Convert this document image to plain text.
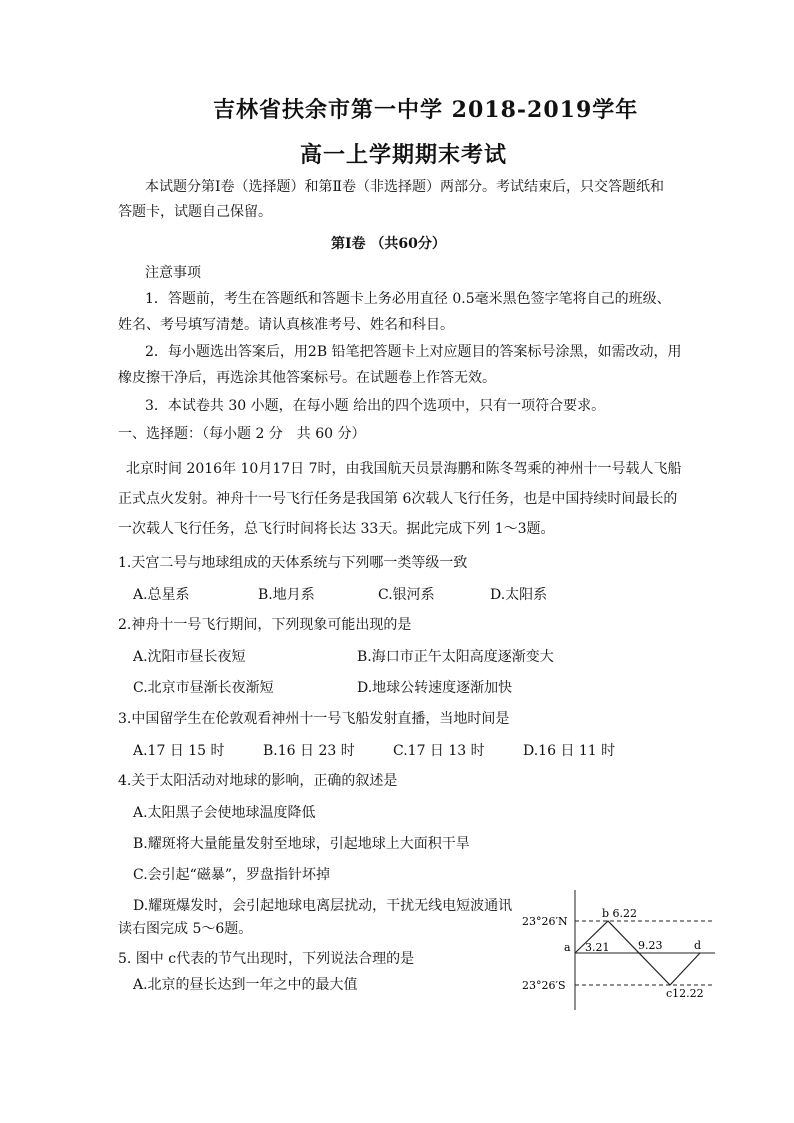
吉林省扶余市第一中学 2018-2019学年
高一上学期期末考试
本试题分第Ⅰ卷（选择题）和第Ⅱ卷（非选择题）两部分。考试结束后，只交答题纸和
答题卡，试题自己保留。
第Ⅰ卷 （共60分）
注意事项
1．答题前，考生在答题纸和答题卡上务必用直径 0.5毫米黑色签字笔将自己的班级、
姓名、考号填写清楚。请认真核准考号、姓名和科目。
2．每小题选出答案后，用2B 铅笔把答题卡上对应题目的答案标号涂黑，如需改动，用
橡皮擦干净后，再选涂其他答案标号。在试题卷上作答无效。
3．本试卷共 30 小题，在每小题 给出的四个选项中，只有一项符合要求。
一、选择题：（每小题 2 分　共 60 分）
北京时间 2016年 10月17日 7时，由我国航天员景海鹏和陈冬驾乘的神州十一号载人飞船
正式点火发射。神舟十一号飞行任务是我国第 6次载人飞行任务，也是中国持续时间最长的
一次载人飞行任务，总飞行时间将长达 33天。据此完成下列 1～3题。
1.天宫二号与地球组成的天体系统与下列哪一类等级一致
A.总星系	B.地月系	C.银河系	D.太阳系
2.神舟十一号飞行期间，下列现象可能出现的是
A.沈阳市昼长夜短	B.海口市正午太阳高度逐渐变大
C.北京市昼渐长夜渐短	D.地球公转速度逐渐加快
3.中国留学生在伦敦观看神州十一号飞船发射直播，当地时间是
A.17 日 15 时	B.16 日 23 时	C.17 日 13 时	D.16 日 11 时
4.关于太阳活动对地球的影响，正确的叙述是
A.太阳黑子会使地球温度降低
B.耀斑将大量能量发射至地球，引起地球上大面积干旱
C.会引起“磁暴”，罗盘指针坏掉
D.耀斑爆发时，会引起地球电离层扰动，干扰无线电短波通讯
读右图完成 5～6题。
5. 图中 c代表的节气出现时，下列说法合理的是
A.北京的昼长达到一年之中的最大值
23°26′N
23°26′S
a 3.21
b 6.22
9.23	d
c12.22
